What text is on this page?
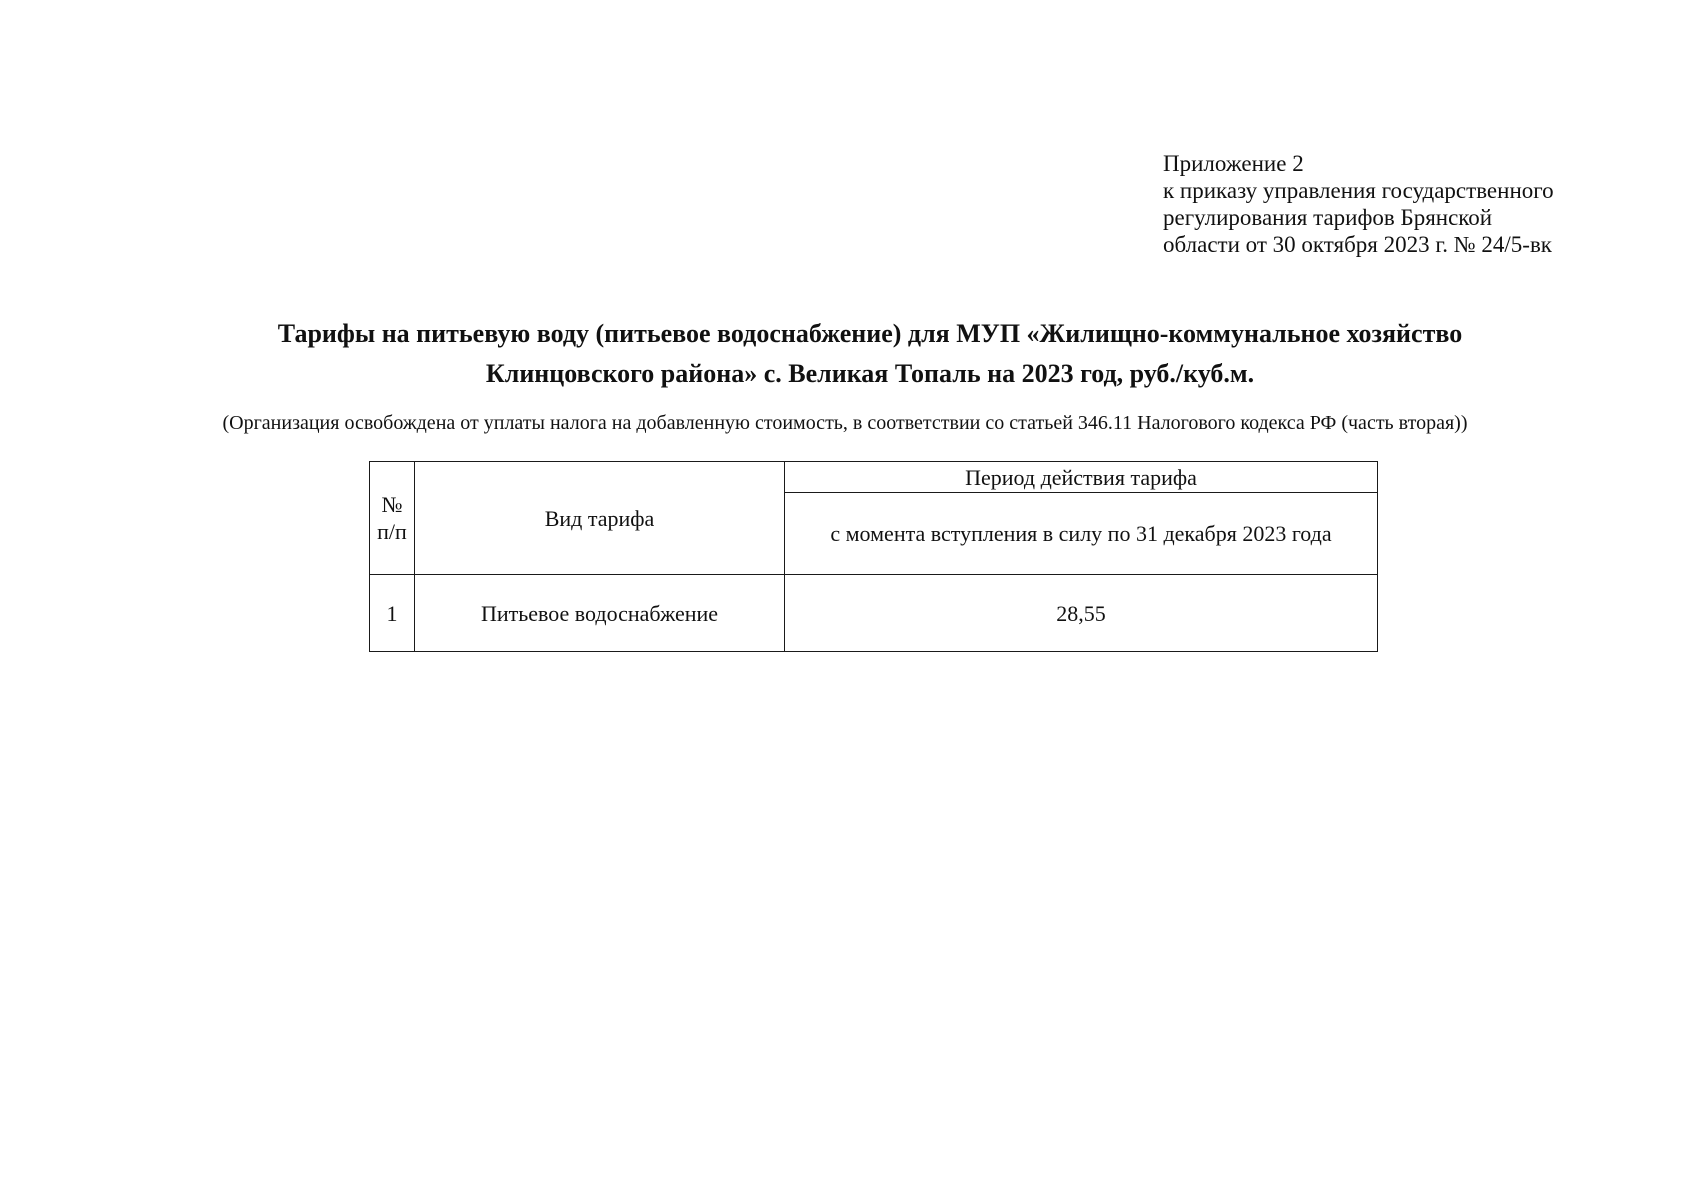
Приложение 2
к приказу управления государственного
регулирования тарифов Брянской
области от 30 октября 2023 г. № 24/5-вк
Тарифы на питьевую воду (питьевое водоснабжение) для МУП «Жилищно-коммунальное хозяйство
Клинцовского района» с. Великая Топаль на 2023 год, руб./куб.м.
(Организация освобождена от уплаты налога на добавленную стоимость, в соответствии со статьей 346.11 Налогового кодекса РФ (часть вторая))
№ п/п	Вид тарифа	Период действия тарифа
		с момента вступления в силу по 31 декабря 2023 года
1	Питьевое водоснабжение	28,55
